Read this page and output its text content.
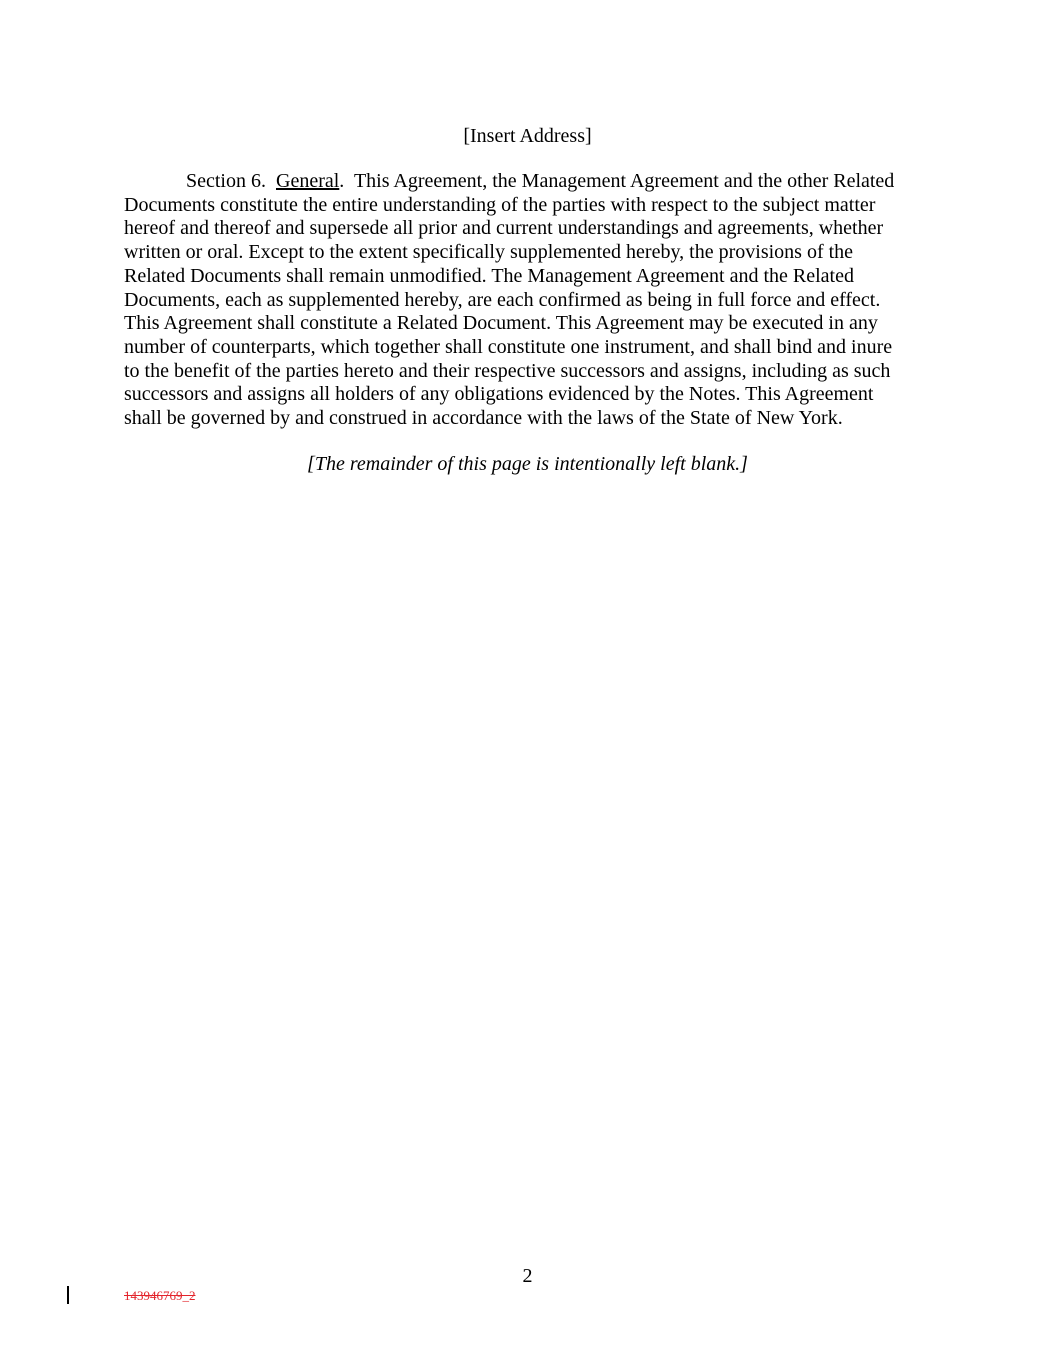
[Insert Address]
Section 6. General. This Agreement, the Management Agreement and the other Related
Documents constitute the entire understanding of the parties with respect to the subject matter
hereof and thereof and supersede all prior and current understandings and agreements, whether
written or oral. Except to the extent specifically supplemented hereby, the provisions of the
Related Documents shall remain unmodified. The Management Agreement and the Related
Documents, each as supplemented hereby, are each confirmed as being in full force and effect.
This Agreement shall constitute a Related Document. This Agreement may be executed in any
number of counterparts, which together shall constitute one instrument, and shall bind and inure
to the benefit of the parties hereto and their respective successors and assigns, including as such
successors and assigns all holders of any obligations evidenced by the Notes. This Agreement
shall be governed by and construed in accordance with the laws of the State of New York.
[The remainder of this page is intentionally left blank.]
2
143946769_2
